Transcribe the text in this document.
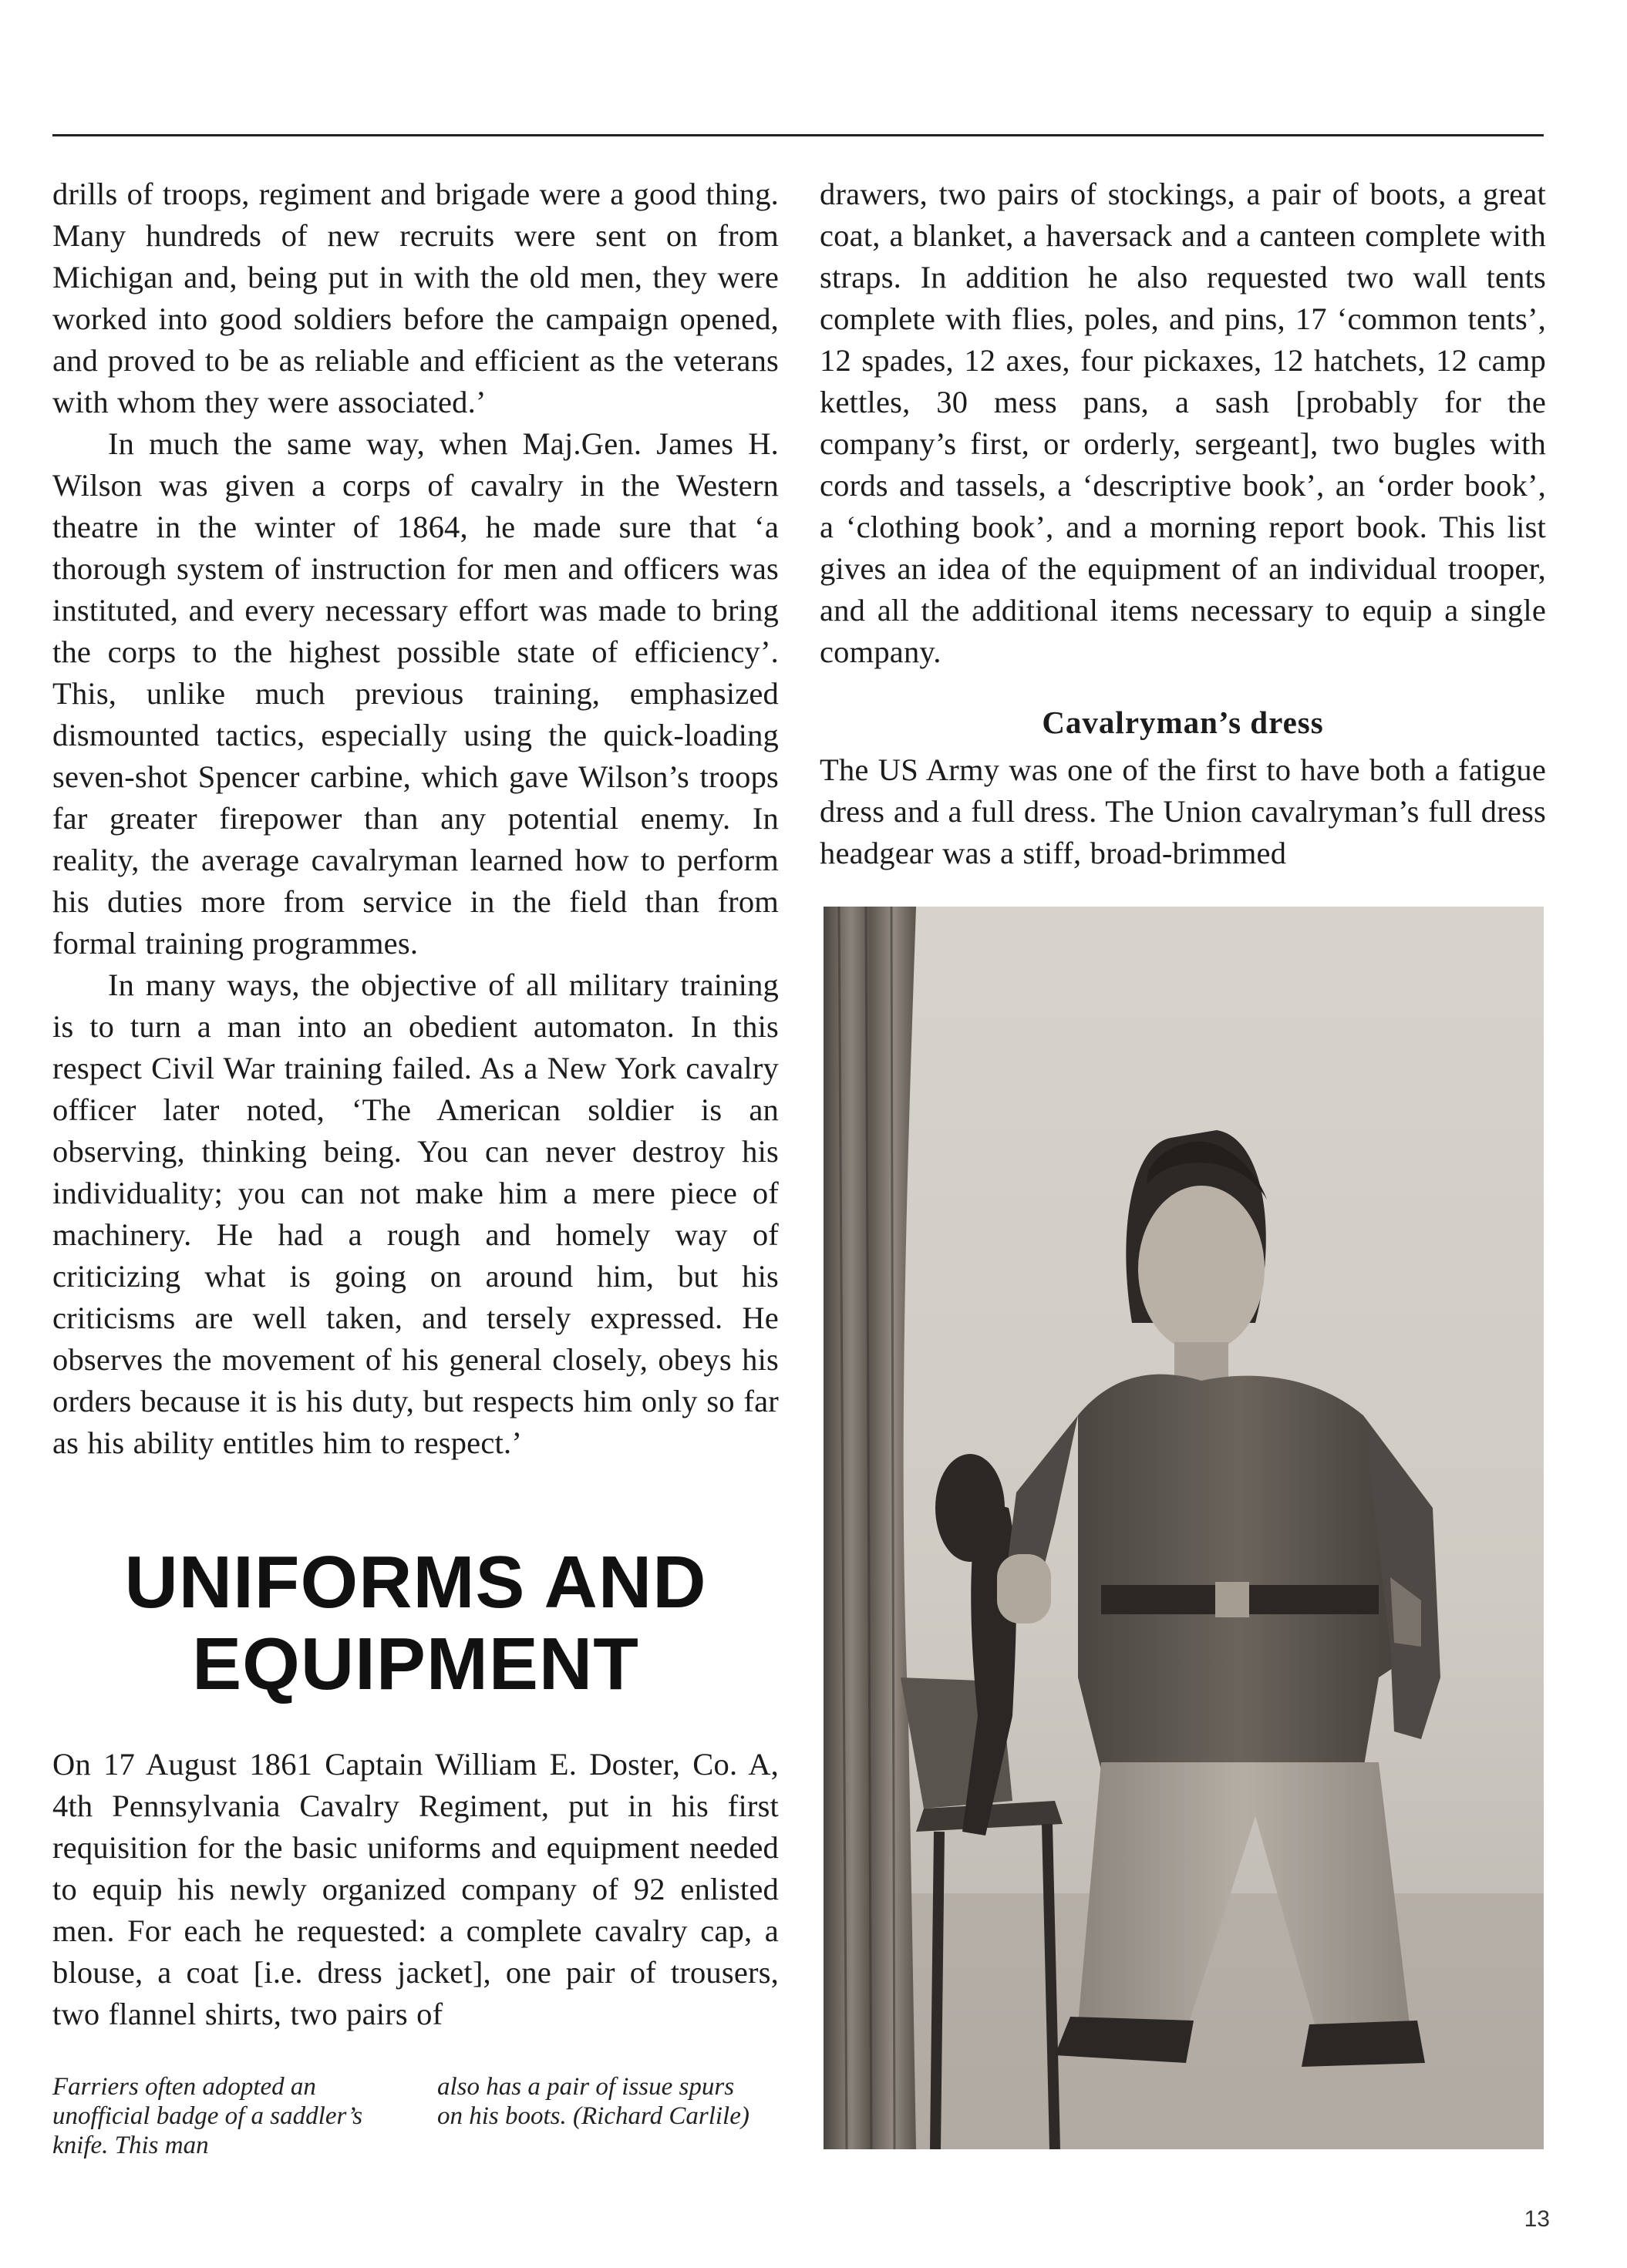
drills of troops, regiment and brigade were a good thing. Many hundreds of new recruits were sent on from Michigan and, being put in with the old men, they were worked into good soldiers before the campaign opened, and proved to be as reliable and efficient as the veterans with whom they were associated.’

In much the same way, when Maj.Gen. James H. Wilson was given a corps of cavalry in the Western theatre in the winter of 1864, he made sure that ‘a thorough system of instruction for men and officers was instituted, and every necessary effort was made to bring the corps to the highest possible state of efficiency’. This, unlike much previous training, emphasized dismounted tactics, especially using the quick-loading seven-shot Spencer carbine, which gave Wilson’s troops far greater firepower than any potential enemy. In reality, the average cavalryman learned how to perform his duties more from service in the field than from formal training programmes.

In many ways, the objective of all military training is to turn a man into an obedient automaton. In this respect Civil War training failed. As a New York cavalry officer later noted, ‘The American soldier is an observing, thinking being. You can never destroy his individuality; you can not make him a mere piece of machinery. He had a rough and homely way of criticizing what is going on around him, but his criticisms are well taken, and tersely expressed. He observes the movement of his general closely, obeys his orders because it is his duty, but respects him only so far as his ability entitles him to respect.’

UNIFORMS AND
EQUIPMENT

On 17 August 1861 Captain William E. Doster, Co. A, 4th Pennsylvania Cavalry Regiment, put in his first requisition for the basic uniforms and equipment needed to equip his newly organized company of 92 enlisted men. For each he requested: a complete cavalry cap, a blouse, a coat [i.e. dress jacket], one pair of trousers, two flannel shirts, two pairs of

Farriers often adopted an unofficial badge of a saddler’s knife. This man
also has a pair of issue spurs on his boots. (Richard Carlile)

drawers, two pairs of stockings, a pair of boots, a great coat, a blanket, a haversack and a canteen complete with straps. In addition he also requested two wall tents complete with flies, poles, and pins, 17 ‘common tents’, 12 spades, 12 axes, four pickaxes, 12 hatchets, 12 camp kettles, 30 mess pans, a sash [probably for the company’s first, or orderly, sergeant], two bugles with cords and tassels, a ‘descriptive book’, an ‘order book’, a ‘clothing book’, and a morning report book. This list gives an idea of the equipment of an individual trooper, and all the additional items necessary to equip a single company.

Cavalryman’s dress

The US Army was one of the first to have both a fatigue dress and a full dress. The Union cavalryman’s full dress headgear was a stiff, broad-brimmed

13
